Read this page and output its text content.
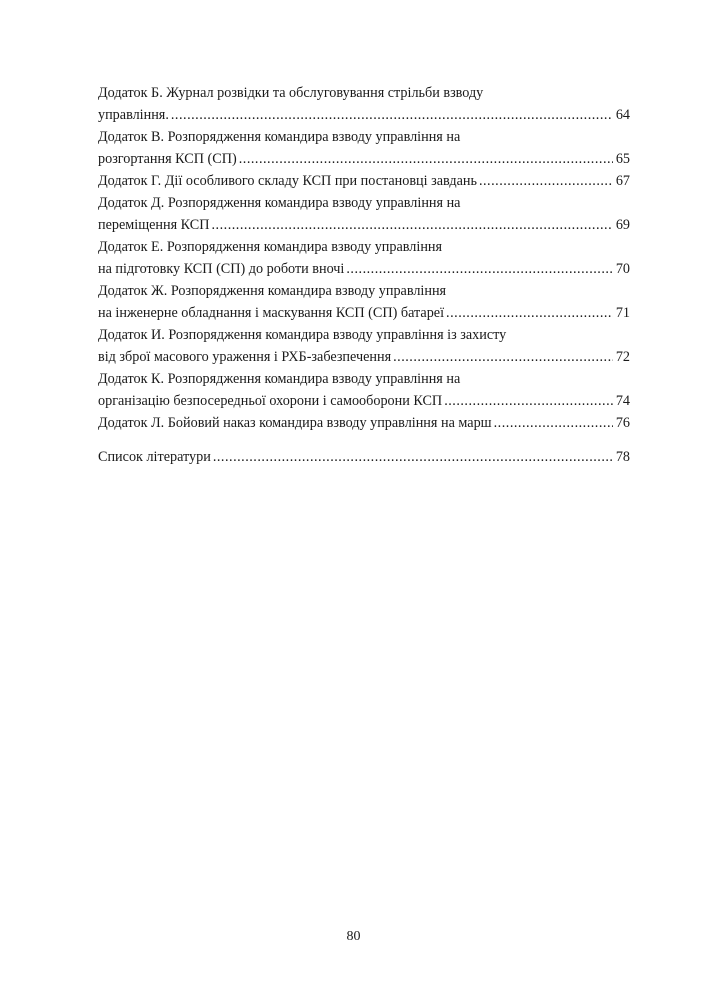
Додаток Б. Журнал розвідки та обслуговування стрільби взводу
управління. .....	64
Додаток В. Розпорядження командира взводу управління на
розгортання КСП (СП) .....	65
Додаток Г. Дії особливого складу КСП при постановці завдань .....	67
Додаток Д. Розпорядження командира взводу управління на
переміщення КСП .....	69
Додаток Е. Розпорядження командира взводу управління
на підготовку КСП (СП) до роботи вночі .....	70
Додаток Ж. Розпорядження командира взводу управління
на інженерне обладнання і маскування КСП (СП) батареї .....	71
Додаток И. Розпорядження командира взводу управління із захисту
від зброї масового ураження і РХБ-забезпечення .....	72
Додаток К. Розпорядження командира взводу управління на
організацію безпосередньої охорони і самооборони КСП .....	74
Додаток Л. Бойовий наказ командира взводу управління на марш .....	76
Список літератури .....	78
80
